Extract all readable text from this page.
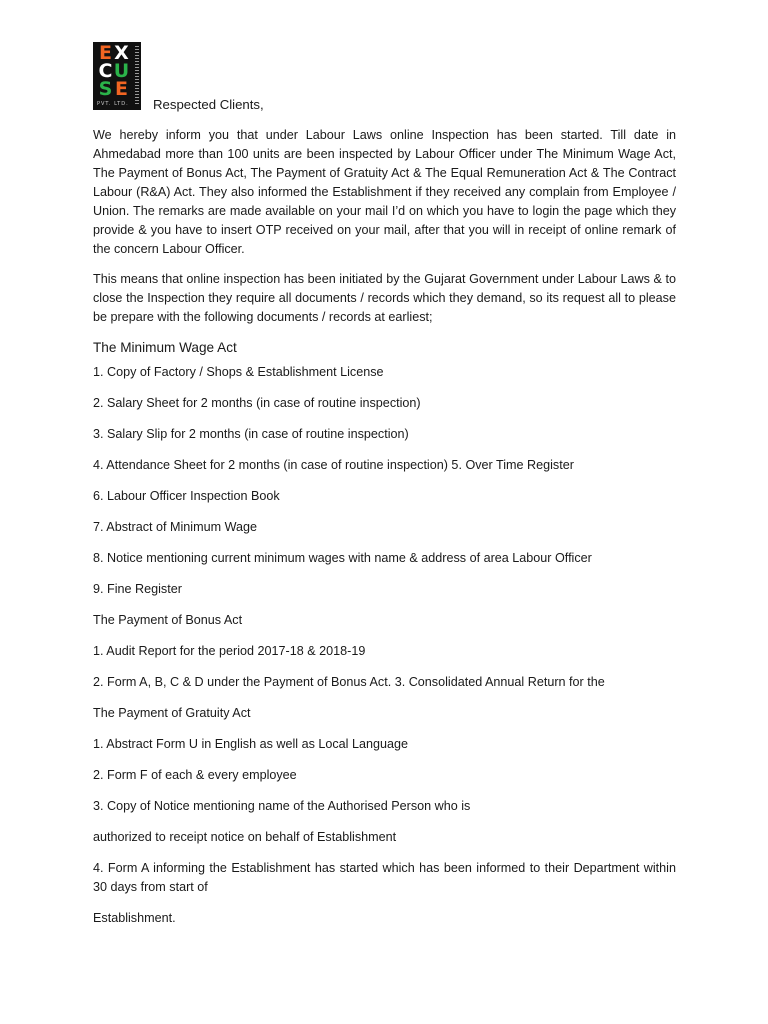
E X
C U
S E
PVT. LTD.	Respected Clients,

We hereby inform you that under Labour Laws online Inspection has been started. Till date in Ahmedabad more than 100 units are been inspected by Labour Officer under The Minimum Wage Act, The Payment of Bonus Act, The Payment of Gratuity Act & The Equal Remuneration Act & The Contract Labour (R&A) Act. They also informed the Establishment if they received any complain from Employee / Union. The remarks are made available on your mail I’d on which you have to login the page which they provide & you have to insert OTP received on your mail, after that you will in receipt of online remark of the concern Labour Officer.

This means that online inspection has been initiated by the Gujarat Government under Labour Laws & to close the Inspection they require all documents / records which they demand, so its request all to please be prepare with the following documents / records at earliest;

The Minimum Wage Act
1. Copy of Factory / Shops & Establishment License
2. Salary Sheet for 2 months (in case of routine inspection)
3. Salary Slip for 2 months (in case of routine inspection)
4. Attendance Sheet for 2 months (in case of routine inspection) 5. Over Time Register
6. Labour Officer Inspection Book
7. Abstract of Minimum Wage
8. Notice mentioning current minimum wages with name & address of area Labour Officer
9. Fine Register
The Payment of Bonus Act
1. Audit Report for the period 2017-18 & 2018-19
2. Form A, B, C & D under the Payment of Bonus Act. 3. Consolidated Annual Return for the
The Payment of Gratuity Act
1. Abstract Form U in English as well as Local Language
2. Form F of each & every employee
3. Copy of Notice mentioning name of the Authorised Person who is
authorized to receipt notice on behalf of Establishment
4. Form A informing the Establishment has started which has been informed to their Department within 30 days from start of
Establishment.
